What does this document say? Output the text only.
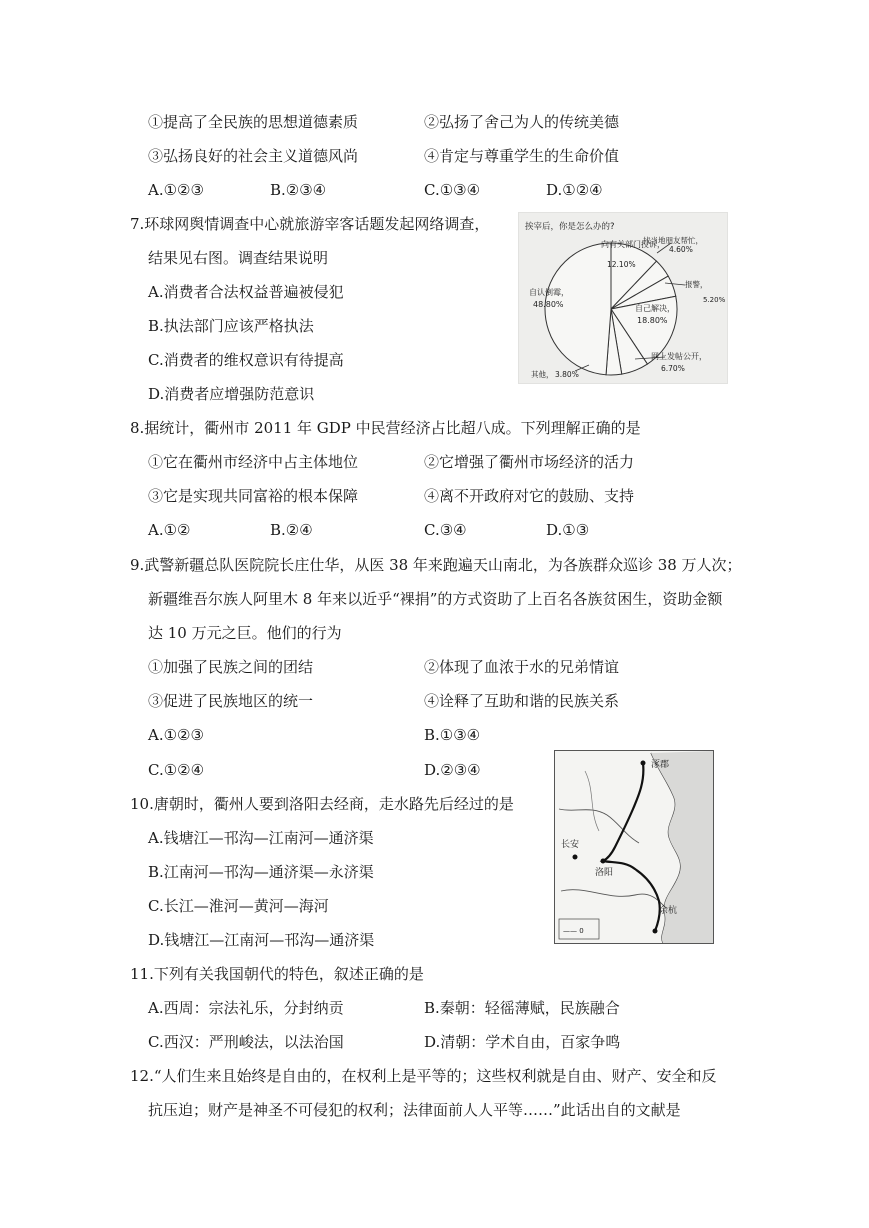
①提高了全民族的思想道德素质	②弘扬了舍己为人的传统美德
③弘扬良好的社会主义道德风尚	④肯定与尊重学生的生命价值
A.①②③	B.②③④	C.①③④	D.①②④
7.环球网舆情调查中心就旅游宰客话题发起网络调查，
结果见右图。调查结果说明
A.消费者合法权益普遍被侵犯
B.执法部门应该严格执法
C.消费者的维权意识有待提高
D.消费者应增强防范意识
挨宰后，你是怎么办的?
向有关部门投诉，
12.10%
找当地朋友帮忙，
4.60%
报警，
5.20%
自认倒霉，
48.80%	自己解决，
18.80%
网上发帖公开，
6.70%
其他， 3.80%
8.据统计，衢州市 2011 年 GDP 中民营经济占比超八成。下列理解正确的是
①它在衢州市经济中占主体地位	②它增强了衢州市场经济的活力
③它是实现共同富裕的根本保障	④离不开政府对它的鼓励、支持
A.①②	B.②④	C.③④	D.①③
9.武警新疆总队医院院长庄仕华，从医 38 年来跑遍天山南北，为各族群众巡诊 38 万人次；
新疆维吾尔族人阿里木 8 年来以近乎“裸捐”的方式资助了上百名各族贫困生，资助金额
达 10 万元之巨。他们的行为
①加强了民族之间的团结	②体现了血浓于水的兄弟情谊
③促进了民族地区的统一	④诠释了互助和谐的民族关系
A.①②③	B.①③④
C.①②④	D.②③④	涿郡
长安
洛阳
余杭
—— 0
10.唐朝时，衢州人要到洛阳去经商，走水路先后经过的是
A.钱塘江—邗沟—江南河—通济渠
B.江南河—邗沟—通济渠—永济渠
C.长江—淮河—黄河—海河
D.钱塘江—江南河—邗沟—通济渠
11.下列有关我国朝代的特色，叙述正确的是
A.西周：宗法礼乐，分封纳贡	B.秦朝：轻徭薄赋，民族融合
C.西汉：严刑峻法，以法治国	D.清朝：学术自由，百家争鸣
12.“人们生来且始终是自由的，在权利上是平等的；这些权利就是自由、财产、安全和反
抗压迫；财产是神圣不可侵犯的权利；法律面前人人平等……”此话出自的文献是
